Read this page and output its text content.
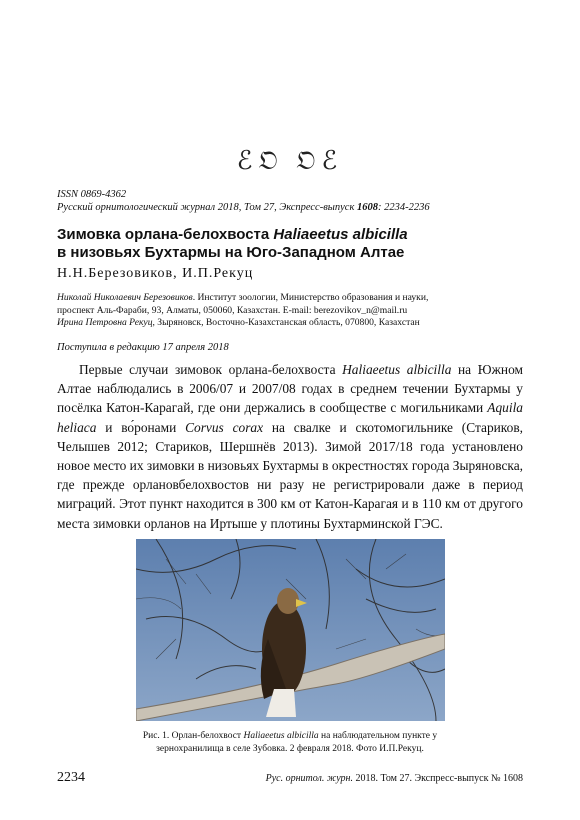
ℰ𝔒 𝔒ℰ
ISSN 0869-4362
Русский орнитологический журнал 2018, Том 27, Экспресс-выпуск 1608: 2234-2236
Зимовка орлана-белохвоста Haliaeetus albicilla
в низовьях Бухтармы на Юго-Западном Алтае
Н.Н.Березовиков, И.П.Рекуц
Николай Николаевич Березовиков. Институт зоологии, Министерство образования и науки,
проспект Аль-Фараби, 93, Алматы, 050060, Казахстан. E-mail: berezovikov_n@mail.ru
Ирина Петровна Рекуц, Зыряновск, Восточно-Казахстанская область, 070800, Казахстан
Поступила в редакцию 17 апреля 2018
Первые случаи зимовок орлана-белохвоста Haliaeetus albicilla на Южном Алтае наблюдались в 2006/07 и 2007/08 годах в среднем течении Бухтармы у посёлка Катон-Карагай, где они держались в сообществе с могильниками Aquila heliaca и во́ронами Corvus corax на свалке и скотомогильнике (Стариков, Челышев 2012; Стариков, Шершнёв 2013). Зимой 2017/18 года установлено новое место их зимовки в низовьях Бухтармы в окрестностях города Зыряновска, где прежде орлановбелохвостов ни разу не регистрировали даже в период миграций. Этот пункт находится в 300 км от Катон-Карагая и в 110 км от другого места зимовки орланов на Иртыше у плотины Бухтарминской ГЭС.
Рис. 1. Орлан-белохвост Haliaeetus albicilla на наблюдательном пункте у зернохранилища в селе Зубовка. 2 февраля 2018. Фото И.П.Рекуц.
2234	Рус. орнитол. журн. 2018. Том 27. Экспресс-выпуск № 1608
